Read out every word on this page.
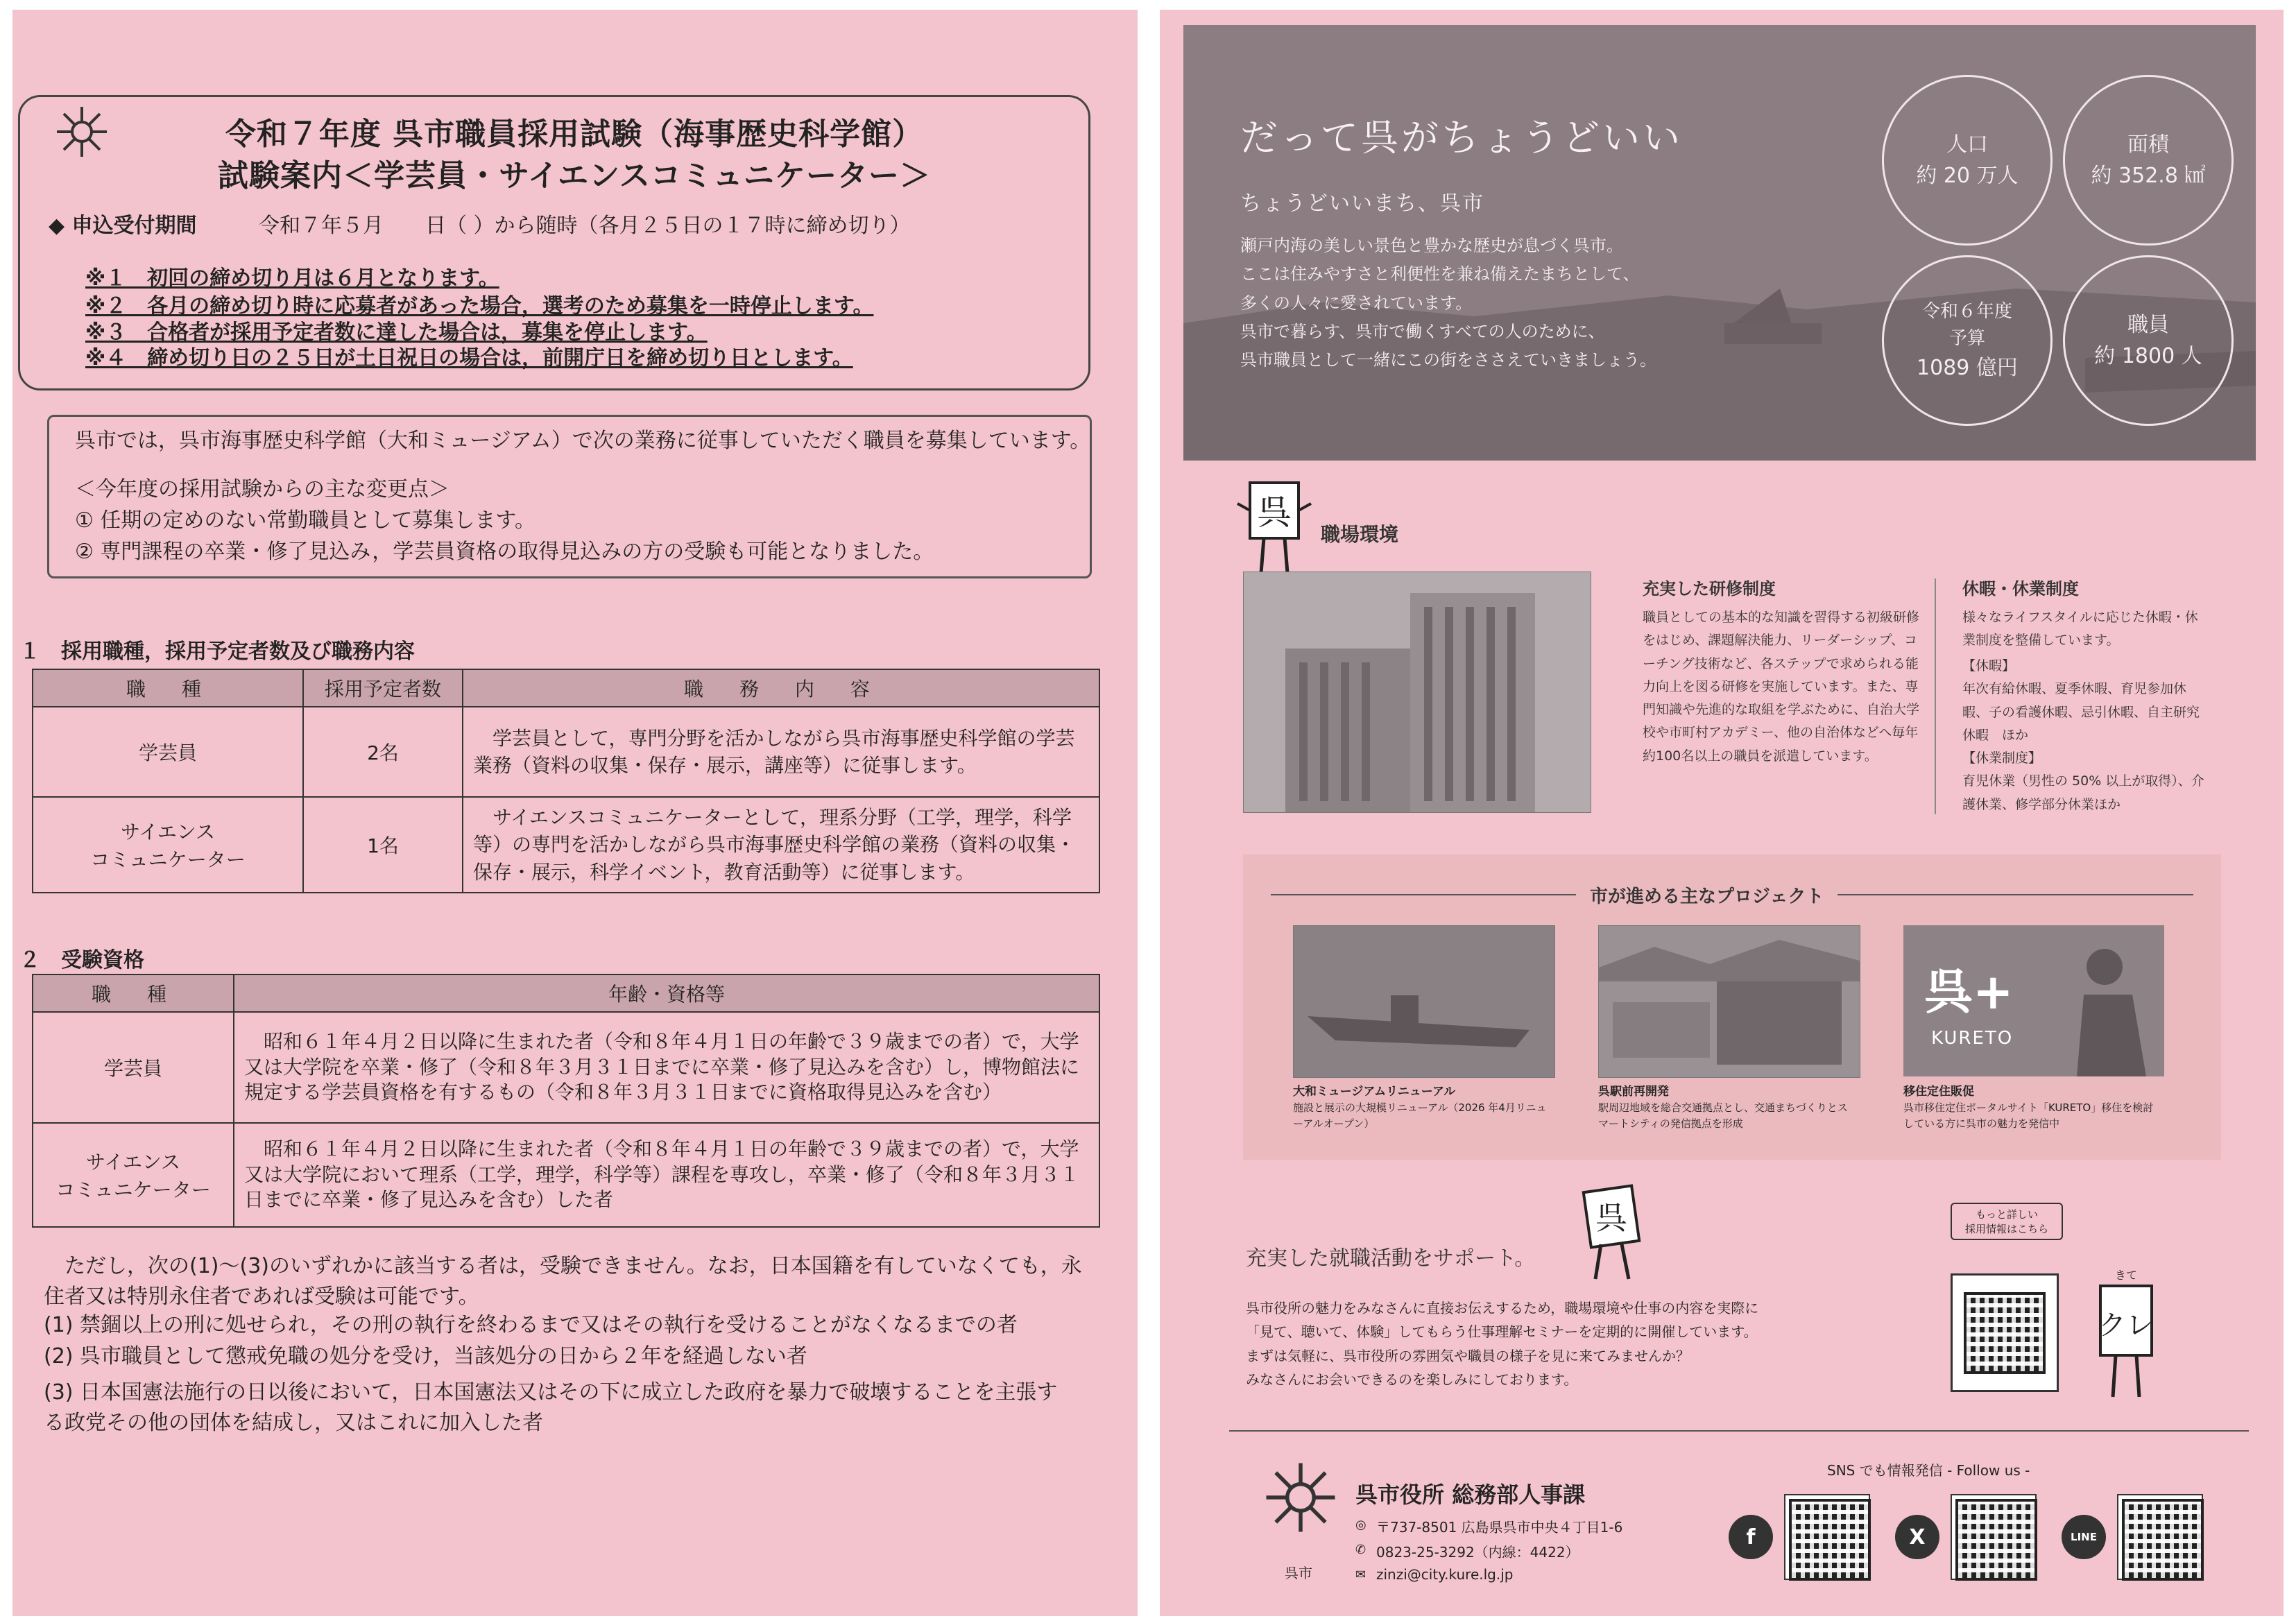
令和７年度 呉市職員採用試験（海事歴史科学館）
試験案内＜学芸員・サイエンスコミュニケーター＞
◆ 申込受付期間	令和７年５月　　日（ ）から随時（各月２５日の１７時に締め切り）
※１　初回の締め切り月は６月となります。
※２　各月の締め切り時に応募者があった場合，選考のため募集を一時停止します。
※３　合格者が採用予定者数に達した場合は，募集を停止します。
※４　締め切り日の２５日が土日祝日の場合は，前開庁日を締め切り日とします。
呉市では，呉市海事歴史科学館（大和ミュージアム）で次の業務に従事していただく職員を募集しています。
＜今年度の採用試験からの主な変更点＞
① 任期の定めのない常勤職員として募集します。
② 専門課程の卒業・修了見込み，学芸員資格の取得見込みの方の受験も可能となりました。
１　採用職種，採用予定者数及び職務内容
職　種	採用予定者数	職　務　内　容
学芸員	2名	学芸員として，専門分野を活かしながら呉市海事歴史科学館の学芸業務（資料の収集・保存・展示，講座等）に従事します。
サイエンス
コミュニケーター	1名	サイエンスコミュニケーターとして，理系分野（工学，理学，科学等）の専門を活かしながら呉市海事歴史科学館の業務（資料の収集・保存・展示，科学イベント，教育活動等）に従事します。
２　受験資格
職　種	年齢・資格等
学芸員	昭和６１年４月２日以降に生まれた者（令和８年４月１日の年齢で３９歳までの者）で，大学又は大学院を卒業・修了（令和８年３月３１日までに卒業・修了見込みを含む）し，博物館法に規定する学芸員資格を有するもの（令和８年３月３１日までに資格取得見込みを含む）
サイエンス
コミュニケーター	昭和６１年４月２日以降に生まれた者（令和８年４月１日の年齢で３９歳までの者）で，大学又は大学院において理系（工学，理学，科学等）課程を専攻し，卒業・修了（令和８年３月３１日までに卒業・修了見込みを含む）した者
ただし，次の(1)～(3)のいずれかに該当する者は，受験できません。なお，日本国籍を有していなくても，永住者又は特別永住者であれば受験は可能です。
(1) 禁錮以上の刑に処せられ，その刑の執行を終わるまで又はその執行を受けることがなくなるまでの者
(2) 呉市職員として懲戒免職の処分を受け，当該処分の日から２年を経過しない者
(3) 日本国憲法施行の日以後において，日本国憲法又はその下に成立した政府を暴力で破壊することを主張する政党その他の団体を結成し，又はこれに加入した者
だって呉がちょうどいい
ちょうどいいまち、呉市
瀬戸内海の美しい景色と豊かな歴史が息づく呉市。
ここは住みやすさと利便性を兼ね備えたまちとして、
多くの人々に愛されています。
呉市で暮らす、呉市で働くすべての人のために、
呉市職員として一緒にこの街をささえていきましょう。
人口
約 20 万人
面積
約 352.8 ㎢
令和６年度
予算
1089 億円
職員
約 1800 人
呉
職場環境
充実した研修制度
職員としての基本的な知識を習得する初級研修をはじめ、課題解決能力、リーダーシップ、コーチング技術など、各ステップで求められる能力向上を図る研修を実施しています。また、専門知識や先進的な取組を学ぶために、自治大学校や市町村アカデミー、他の自治体などへ毎年約100名以上の職員を派遣しています。
休暇・休業制度
様々なライフスタイルに応じた休暇・休業制度を整備しています。
【休暇】
年次有給休暇、夏季休暇、育児参加休暇、子の看護休暇、忌引休暇、自主研究休暇　ほか
【休業制度】
育児休業（男性の 50% 以上が取得）、介護休業、修学部分休業ほか
市が進める主なプロジェクト
大和ミュージアムリニューアル
施設と展示の大規模リニューアル（2026 年4月リニューアルオープン）
呉駅前再開発
駅周辺地域を総合交通拠点とし、交通まちづくりとスマートシティの発信拠点を形成
呉+
KURETO
移住定住販促
呉市移住定住ポータルサイト「KURETO」移住を検討している方に呉市の魅力を発信中
呉
充実した就職活動をサポート。
呉市役所の魅力をみなさんに直接お伝えするため，職場環境や仕事の内容を実際に
「見て、聴いて、体験」してもらう仕事理解セミナーを定期的に開催しています。
まずは気軽に、呉市役所の雰囲気や職員の様子を見に来てみませんか？
みなさんにお会いできるのを楽しみにしております。
もっと詳しい
採用情報はこちら
クレ
きて
呉市
呉市役所 総務部人事課
〒737-8501 広島県呉市中央４丁目1-6
0823-25-3292（内線：4422）
zinzi@city.kure.lg.jp
◎
✆
✉
SNS でも情報発信 - Follow us -
f	X	LINE
